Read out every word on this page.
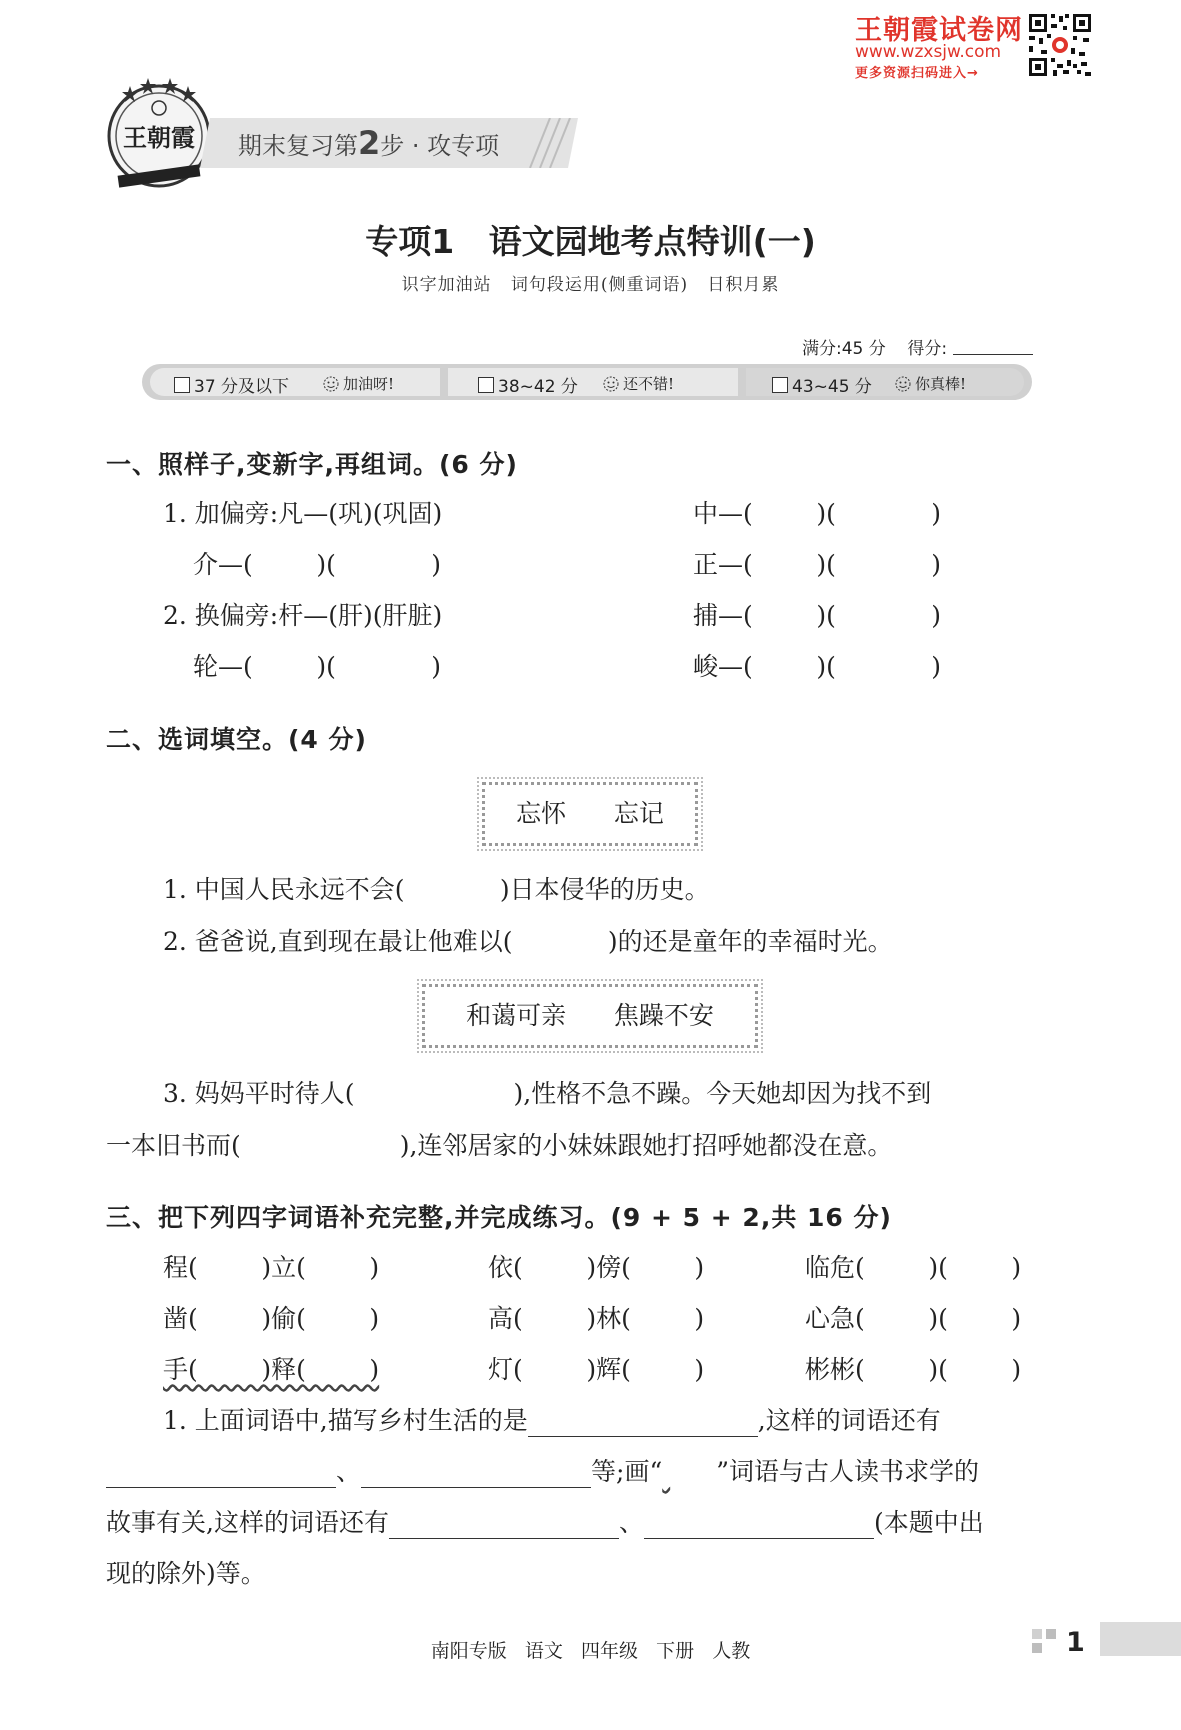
王朝霞试卷网
www.wzxsjw.com
更多资源扫码进入→
王朝霞 期末复习第2步 · 攻专项
专项1   语文园地考点特训(一)
识字加油站   词句段运用(侧重词语)   日积月累
满分:45 分 得分:
37 分及以下	加油呀!	38~42 分	还不错!	43~45 分	你真棒!
一、照样子,变新字,再组词。(6 分)
1. 加偏旁:凡—(巩)(巩固)	中—(        )(            )
介—(        )(            )	正—(        )(            )
2. 换偏旁:杆—(肝)(肝脏)	捕—(        )(            )
轮—(        )(            )	峻—(        )(            )
二、选词填空。(4 分)
忘怀      忘记
1. 中国人民永远不会(            )日本侵华的历史。
2. 爸爸说,直到现在最让他难以(            )的还是童年的幸福时光。
和蔼可亲      焦躁不安
3. 妈妈平时待人(                    ),性格不急不躁。今天她却因为找不到
一本旧书而(                    ),连邻居家的小妹妹跟她打招呼她都没在意。
三、把下列四字词语补充完整,并完成练习。(9 + 5 + 2,共 16 分)
程(        )立(        )	依(        )傍(        )	临危(        )(        )
凿(        )偷(        )	高(        )林(        )	心急(        )(        )
手(        )释(        )	灯(        )辉(        )	彬彬(        )(        )
1. 上面词语中,描写乡村生活的是	,这样的词语还有
、	等;画“ ”词语与古人读书求学的
故事有关,这样的词语还有	、	(本题中出
现的除外)等。
南阳专版   语文   四年级   下册   人教	1
